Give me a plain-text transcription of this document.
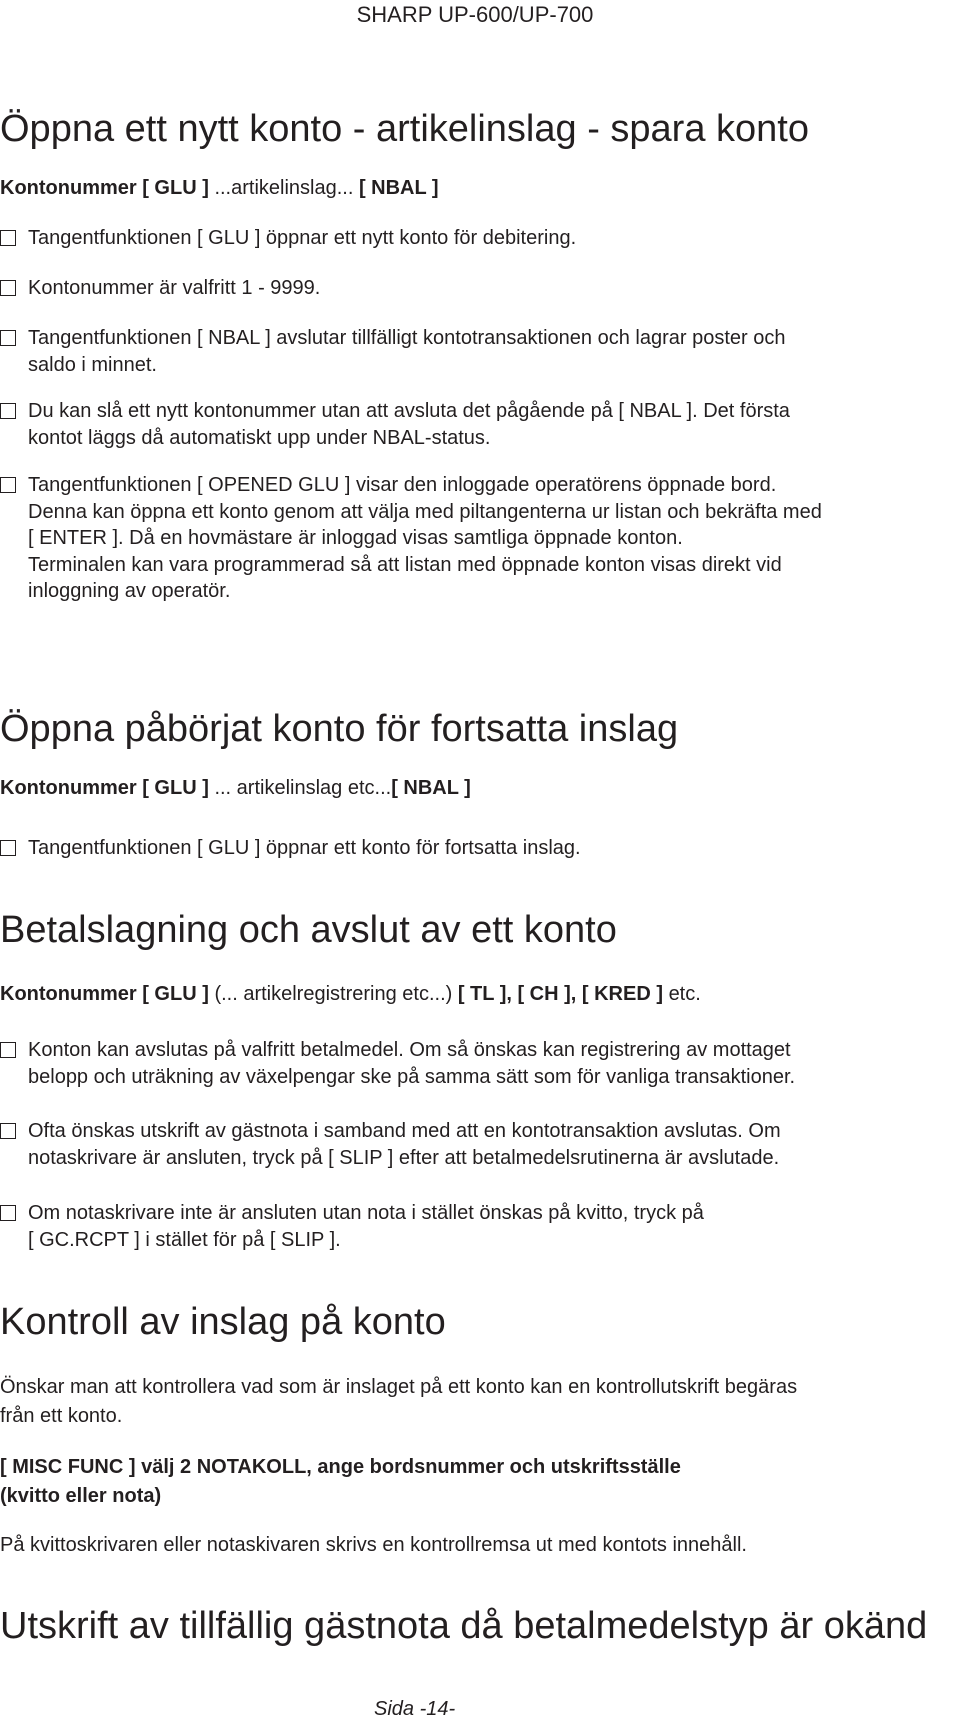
SHARP UP-600/UP-700
Öppna ett nytt konto - artikelinslag - spara konto
Kontonummer [ GLU ] ...artikelinslag... [ NBAL ]
Tangentfunktionen [ GLU ] öppnar ett nytt konto för debitering.
Kontonummer är valfritt 1 - 9999.
Tangentfunktionen [ NBAL ] avslutar tillfälligt kontotransaktionen och lagrar poster och
saldo i minnet.
Du kan slå ett nytt kontonummer utan att avsluta det pågående på [ NBAL ]. Det första
kontot läggs då automatiskt upp under NBAL-status.
Tangentfunktionen [ OPENED GLU ] visar den inloggade operatörens öppnade bord.
Denna kan öppna ett konto genom att välja med piltangenterna ur listan och bekräfta med
[ ENTER ]. Då en hovmästare är inloggad visas samtliga öppnade konton.
Terminalen kan vara programmerad så att listan med öppnade konton visas direkt vid
inloggning av operatör.
Öppna påbörjat konto för fortsatta inslag
Kontonummer [ GLU ] ... artikelinslag etc...[ NBAL ]
Tangentfunktionen [ GLU ] öppnar ett konto för fortsatta inslag.
Betalslagning och avslut av ett konto
Kontonummer [ GLU ] (... artikelregistrering etc...) [ TL ], [ CH ], [ KRED ] etc.
Konton kan avslutas på valfritt betalmedel. Om så önskas kan registrering av mottaget
belopp och uträkning av växelpengar ske på samma sätt som för vanliga transaktioner.
Ofta önskas utskrift av gästnota i samband med att en kontotransaktion avslutas. Om
notaskrivare är ansluten, tryck på [ SLIP ] efter att betalmedelsrutinerna är avslutade.
Om notaskrivare inte är ansluten utan nota i stället önskas på kvitto, tryck på
[ GC.RCPT ] i stället för på [ SLIP ].
Kontroll av inslag på konto
Önskar man att kontrollera vad som är inslaget på ett konto kan en kontrollutskrift begäras
från ett konto.
[ MISC FUNC ] välj 2 NOTAKOLL, ange bordsnummer och utskriftsställe
(kvitto eller nota)
På kvittoskrivaren eller notaskivaren skrivs en kontrollremsa ut med kontots innehåll.
Utskrift av tillfällig gästnota då betalmedelstyp är okänd
Sida -14-
